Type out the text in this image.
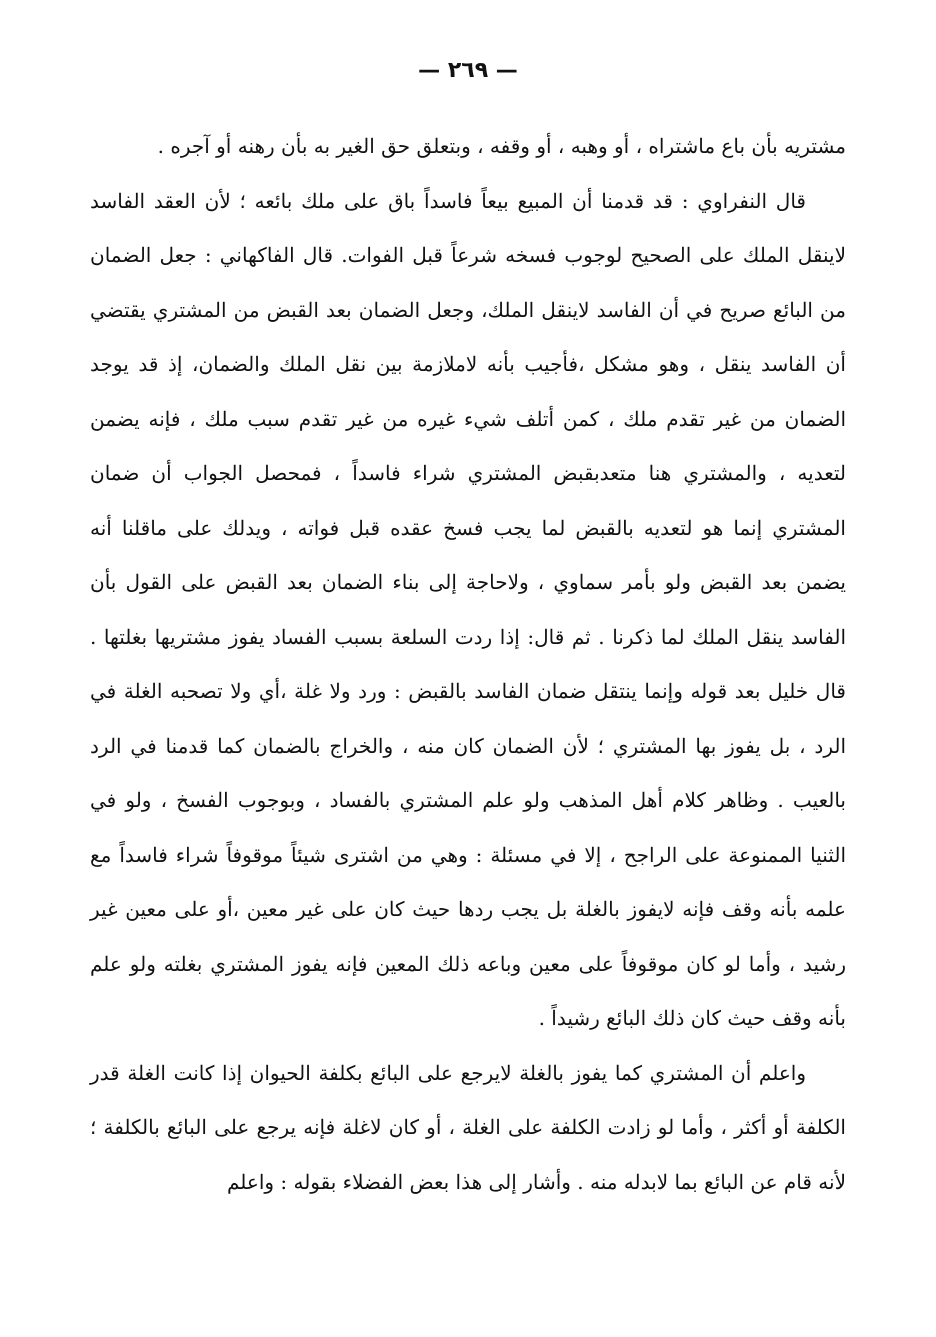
— ٢٦٩ —

مشتريه بأن باع ماشتراه ، أو وهبه ، أو وقفه ، وبتعلق حق الغير به بأن رهنه أو آجره .

قال النفراوي : قد قدمنا أن المبيع بيعاً فاسداً باق على ملك بائعه ؛ لأن العقد الفاسد لاينقل الملك على الصحيح لوجوب فسخه شرعاً قبل الفوات. قال الفاكهاني : جعل الضمان من البائع صريح في أن الفاسد لاينقل الملك، وجعل الضمان بعد القبض من المشتري يقتضي أن الفاسد ينقل ، وهو مشكل ،فأجيب بأنه لاملازمة بين نقل الملك والضمان، إذ قد يوجد الضمان من غير تقدم ملك ، كمن أتلف شيء غيره من غير تقدم سبب ملك ، فإنه يضمن لتعديه ، والمشتري هنا متعدبقبض المشتري شراء فاسداً ، فمحصل الجواب أن ضمان المشتري إنما هو لتعديه بالقبض لما يجب فسخ عقده قبل فواته ، ويدلك على ماقلنا أنه يضمن بعد القبض ولو بأمر سماوي ، ولاحاجة إلى بناء الضمان بعد القبض على القول بأن الفاسد ينقل الملك لما ذكرنا . ثم قال: إذا ردت السلعة بسبب الفساد يفوز مشتريها بغلتها . قال خليل بعد قوله وإنما ينتقل ضمان الفاسد بالقبض : ورد ولا غلة ،أي ولا تصحبه الغلة في الرد ، بل يفوز بها المشتري ؛ لأن الضمان كان منه ، والخراج بالضمان كما قدمنا في الرد بالعيب . وظاهر كلام أهل المذهب ولو علم المشتري بالفساد ، وبوجوب الفسخ ، ولو في الثنيا الممنوعة على الراجح ، إلا في مسئلة : وهي من اشترى شيئاً موقوفاً شراء فاسداً مع علمه بأنه وقف فإنه لايفوز بالغلة بل يجب ردها حيث كان على غير معين ،أو على معين غير رشيد ، وأما لو كان موقوفاً على معين وباعه ذلك المعين فإنه يفوز المشتري بغلته ولو علم بأنه وقف حيث كان ذلك البائع رشيداً .

واعلم أن المشتري كما يفوز بالغلة لايرجع على البائع بكلفة الحيوان إذا كانت الغلة قدر الكلفة أو أكثر ، وأما لو زادت الكلفة على الغلة ، أو كان لاغلة فإنه يرجع على البائع بالكلفة ؛ لأنه قام عن البائع بما لابدله منه . وأشار إلى هذا بعض الفضلاء بقوله : واعلم
